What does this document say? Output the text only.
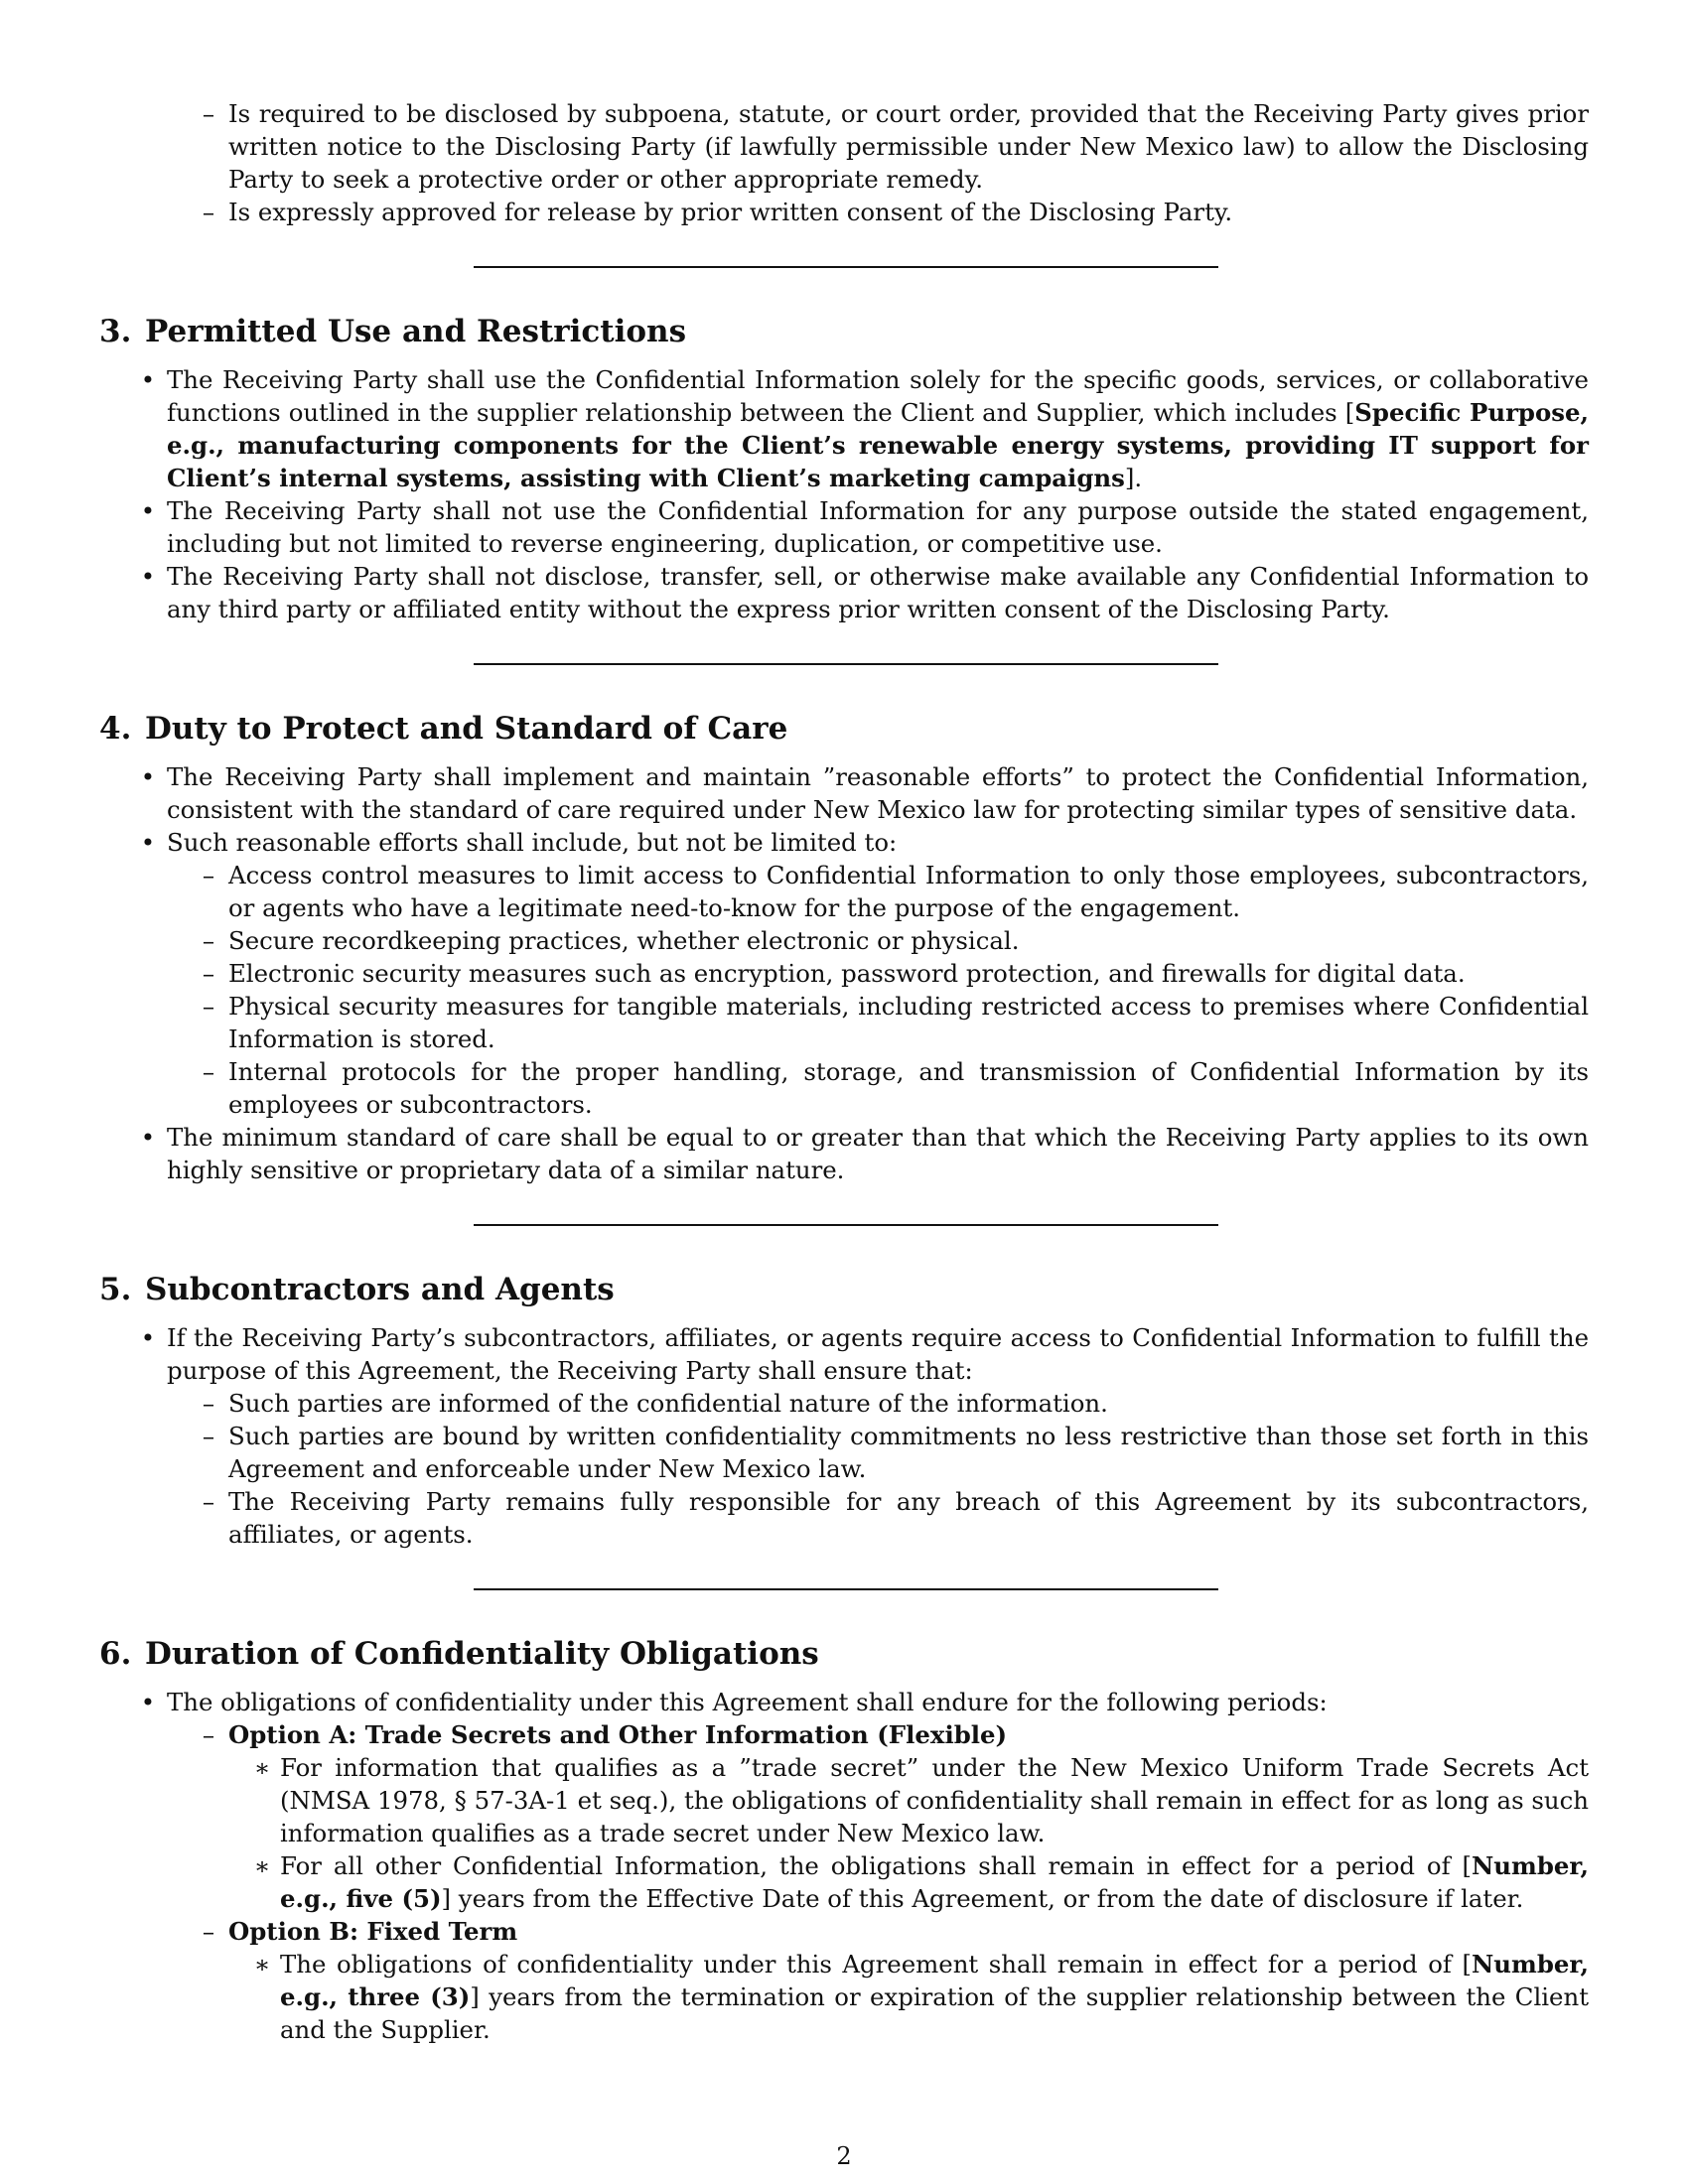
– Is required to be disclosed by subpoena, statute, or court order, provided that the Receiving Party gives prior written notice to the Disclosing Party (if lawfully permissible under New Mexico law) to allow the Disclosing Party to seek a protective order or other appropriate remedy.
– Is expressly approved for release by prior written consent of the Disclosing Party.
3. Permitted Use and Restrictions
• The Receiving Party shall use the Confidential Information solely for the specific goods, services, or collaborative functions outlined in the supplier relationship between the Client and Supplier, which includes [Specific Purpose, e.g., manufacturing components for the Client’s renewable energy systems, providing IT support for Client’s internal systems, assisting with Client’s marketing campaigns].
• The Receiving Party shall not use the Confidential Information for any purpose outside the stated engagement, including but not limited to reverse engineering, duplication, or competitive use.
• The Receiving Party shall not disclose, transfer, sell, or otherwise make available any Confidential Information to any third party or affiliated entity without the express prior written consent of the Disclosing Party.
4. Duty to Protect and Standard of Care
• The Receiving Party shall implement and maintain ”reasonable efforts” to protect the Confidential Information, consistent with the standard of care required under New Mexico law for protecting similar types of sensitive data.
• Such reasonable efforts shall include, but not be limited to:
– Access control measures to limit access to Confidential Information to only those employees, subcontractors, or agents who have a legitimate need-to-know for the purpose of the engagement.
– Secure recordkeeping practices, whether electronic or physical.
– Electronic security measures such as encryption, password protection, and firewalls for digital data.
– Physical security measures for tangible materials, including restricted access to premises where Confidential Information is stored.
– Internal protocols for the proper handling, storage, and transmission of Confidential Information by its employees or subcontractors.
• The minimum standard of care shall be equal to or greater than that which the Receiving Party applies to its own highly sensitive or proprietary data of a similar nature.
5. Subcontractors and Agents
• If the Receiving Party’s subcontractors, affiliates, or agents require access to Confidential Information to fulfill the purpose of this Agreement, the Receiving Party shall ensure that:
– Such parties are informed of the confidential nature of the information.
– Such parties are bound by written confidentiality commitments no less restrictive than those set forth in this Agreement and enforceable under New Mexico law.
– The Receiving Party remains fully responsible for any breach of this Agreement by its subcontractors, affiliates, or agents.
6. Duration of Confidentiality Obligations
• The obligations of confidentiality under this Agreement shall endure for the following periods:
– Option A: Trade Secrets and Other Information (Flexible)
∗ For information that qualifies as a ”trade secret” under the New Mexico Uniform Trade Secrets Act (NMSA 1978, § 57-3A-1 et seq.), the obligations of confidentiality shall remain in effect for as long as such information qualifies as a trade secret under New Mexico law.
∗ For all other Confidential Information, the obligations shall remain in effect for a period of [Number, e.g., five (5)] years from the Effective Date of this Agreement, or from the date of disclosure if later.
– Option B: Fixed Term
∗ The obligations of confidentiality under this Agreement shall remain in effect for a period of [Number, e.g., three (3)] years from the termination or expiration of the supplier relationship between the Client and the Supplier.
2
